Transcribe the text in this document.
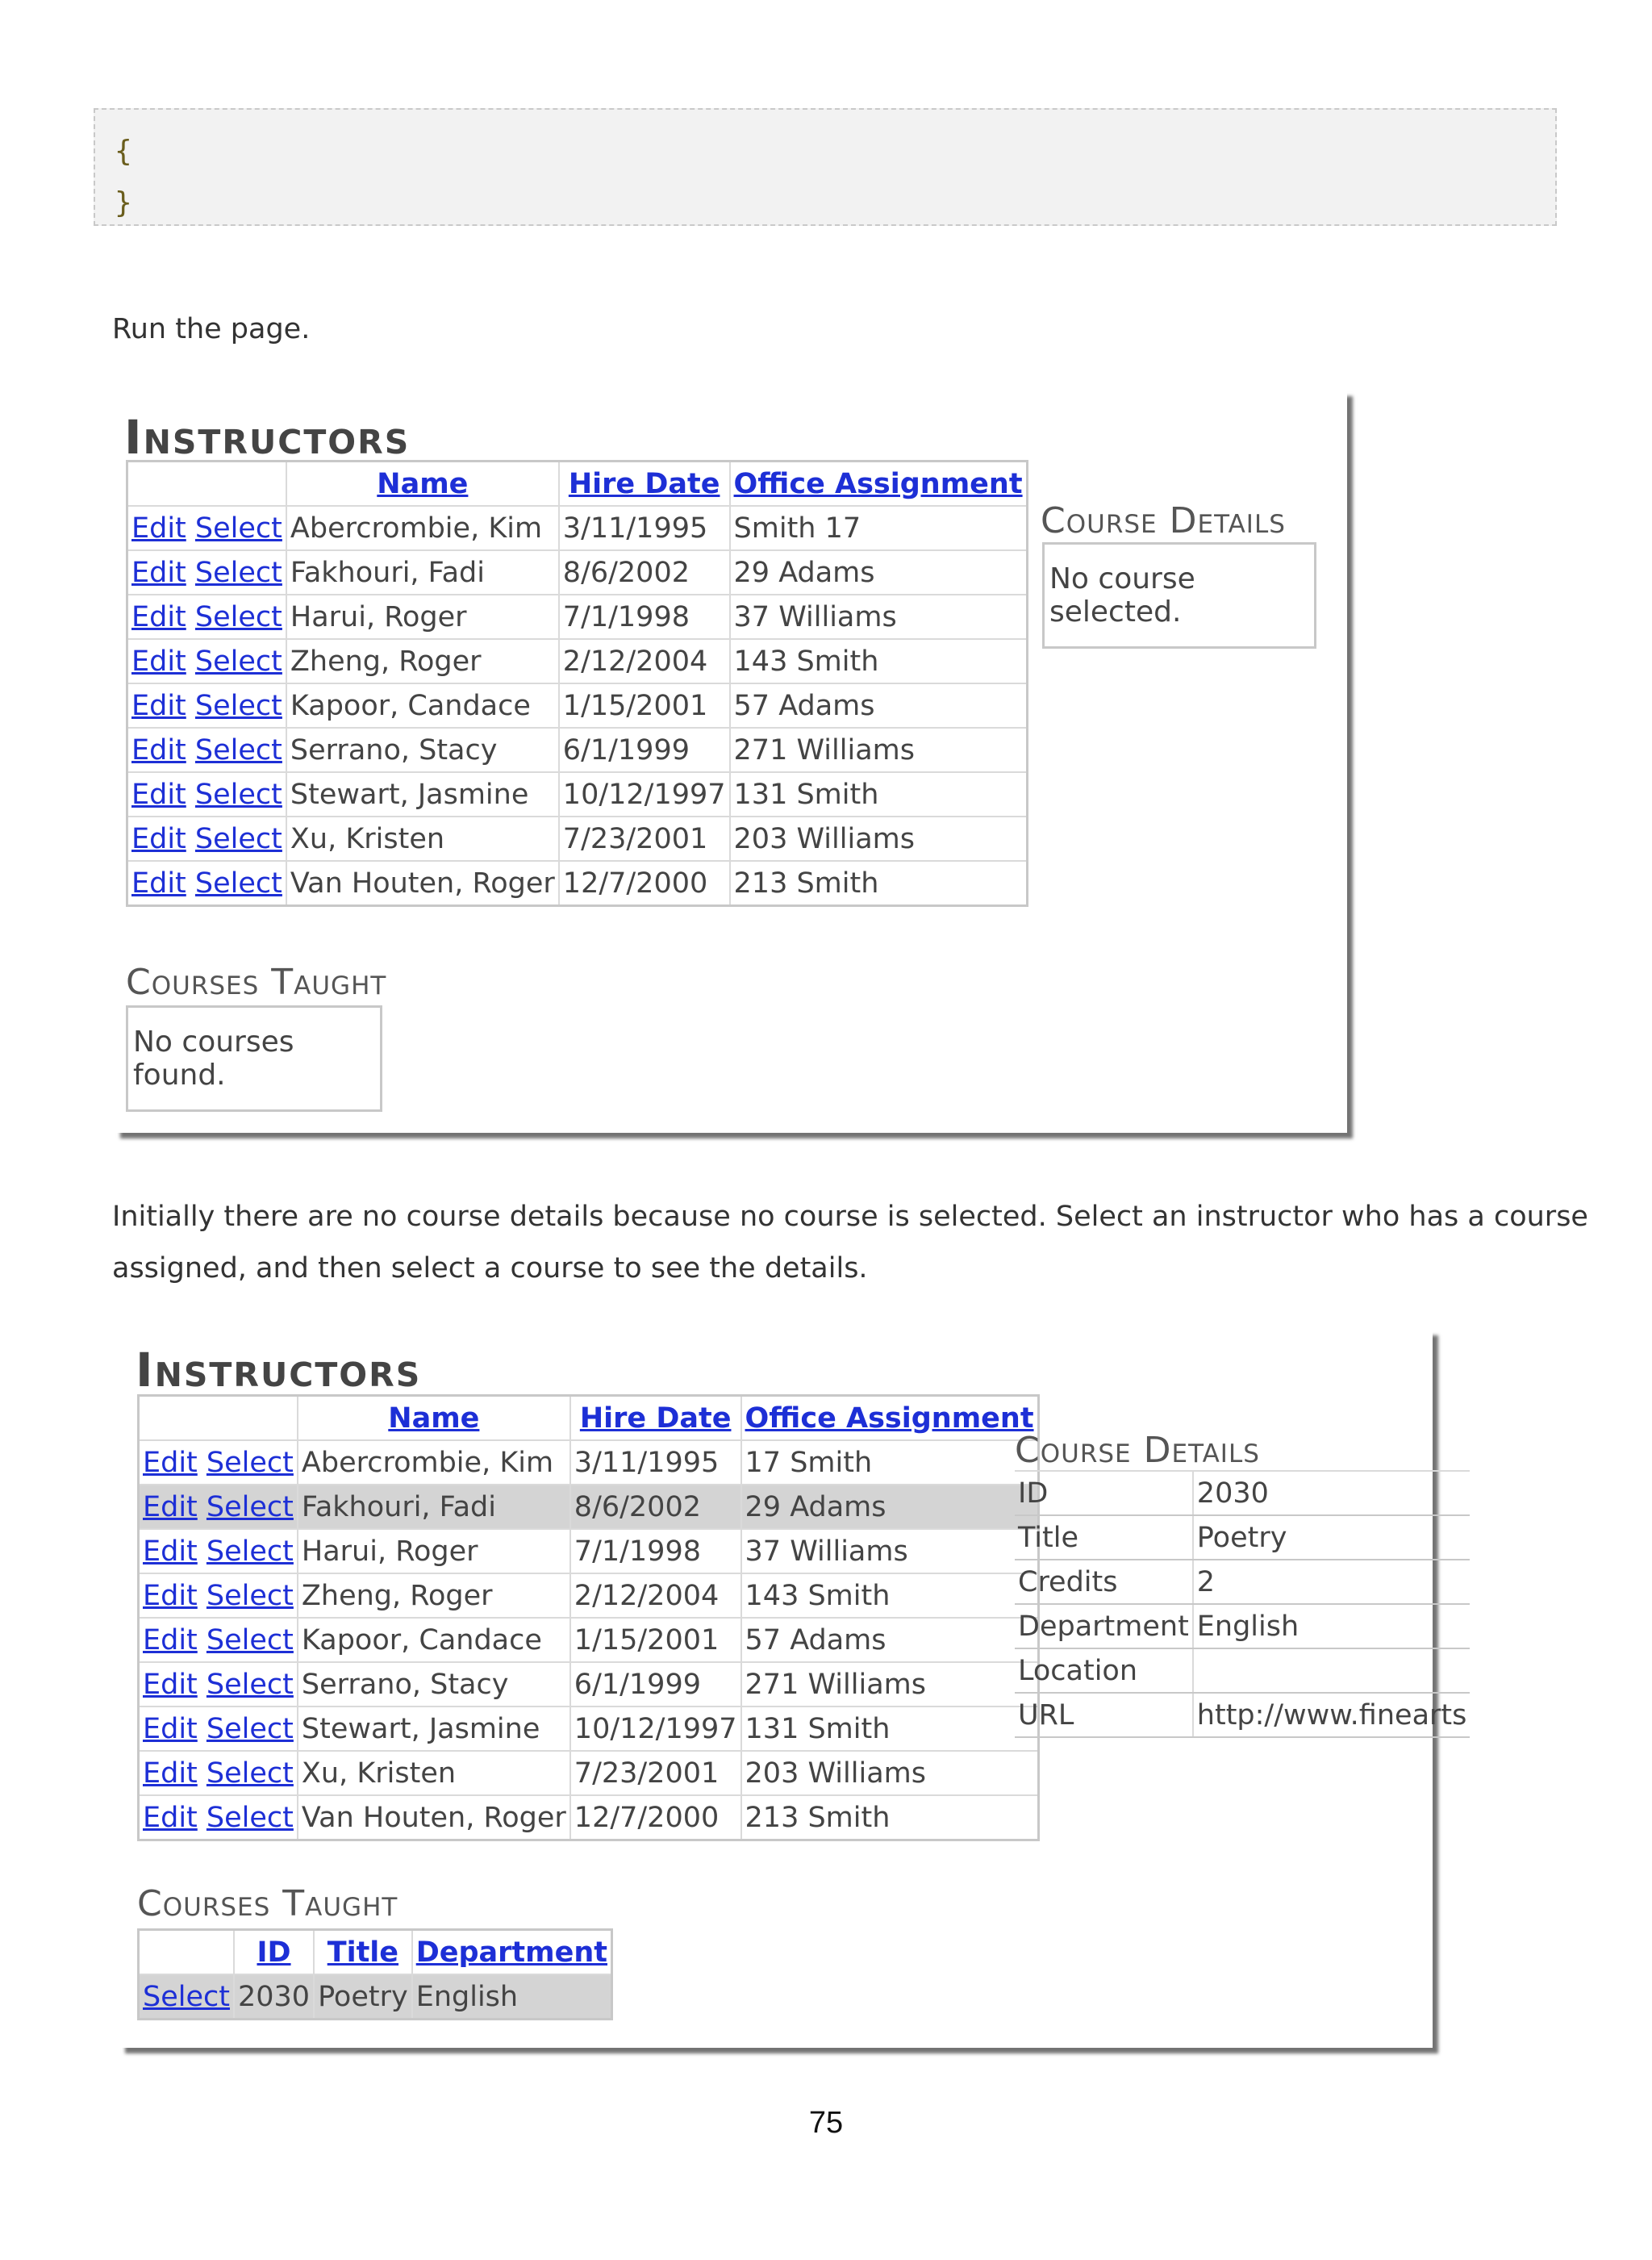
{
}

Run the page.

Instructors
	Name	Hire Date	Office Assignment
Edit Select	Abercrombie, Kim	3/11/1995	Smith 17
Edit Select	Fakhouri, Fadi	8/6/2002	29 Adams
Edit Select	Harui, Roger	7/1/1998	37 Williams
Edit Select	Zheng, Roger	2/12/2004	143 Smith
Edit Select	Kapoor, Candace	1/15/2001	57 Adams
Edit Select	Serrano, Stacy	6/1/1999	271 Williams
Edit Select	Stewart, Jasmine	10/12/1997	131 Smith
Edit Select	Xu, Kristen	7/23/2001	203 Williams
Edit Select	Van Houten, Roger	12/7/2000	213 Smith
Course Details
No course selected.
Courses Taught
No courses found.

Initially there are no course details because no course is selected. Select an instructor who has a course

assigned, and then select a course to see the details.

Instructors
	Name	Hire Date	Office Assignment
Edit Select	Abercrombie, Kim	3/11/1995	17 Smith
Edit Select	Fakhouri, Fadi	8/6/2002	29 Adams
Edit Select	Harui, Roger	7/1/1998	37 Williams
Edit Select	Zheng, Roger	2/12/2004	143 Smith
Edit Select	Kapoor, Candace	1/15/2001	57 Adams
Edit Select	Serrano, Stacy	6/1/1999	271 Williams
Edit Select	Stewart, Jasmine	10/12/1997	131 Smith
Edit Select	Xu, Kristen	7/23/2001	203 Williams
Edit Select	Van Houten, Roger	12/7/2000	213 Smith
Course Details
ID	2030
Title	Poetry
Credits	2
Department	English
Location	
URL	http://www.finearts
Courses Taught
	ID	Title	Department
Select	2030	Poetry	English
75
